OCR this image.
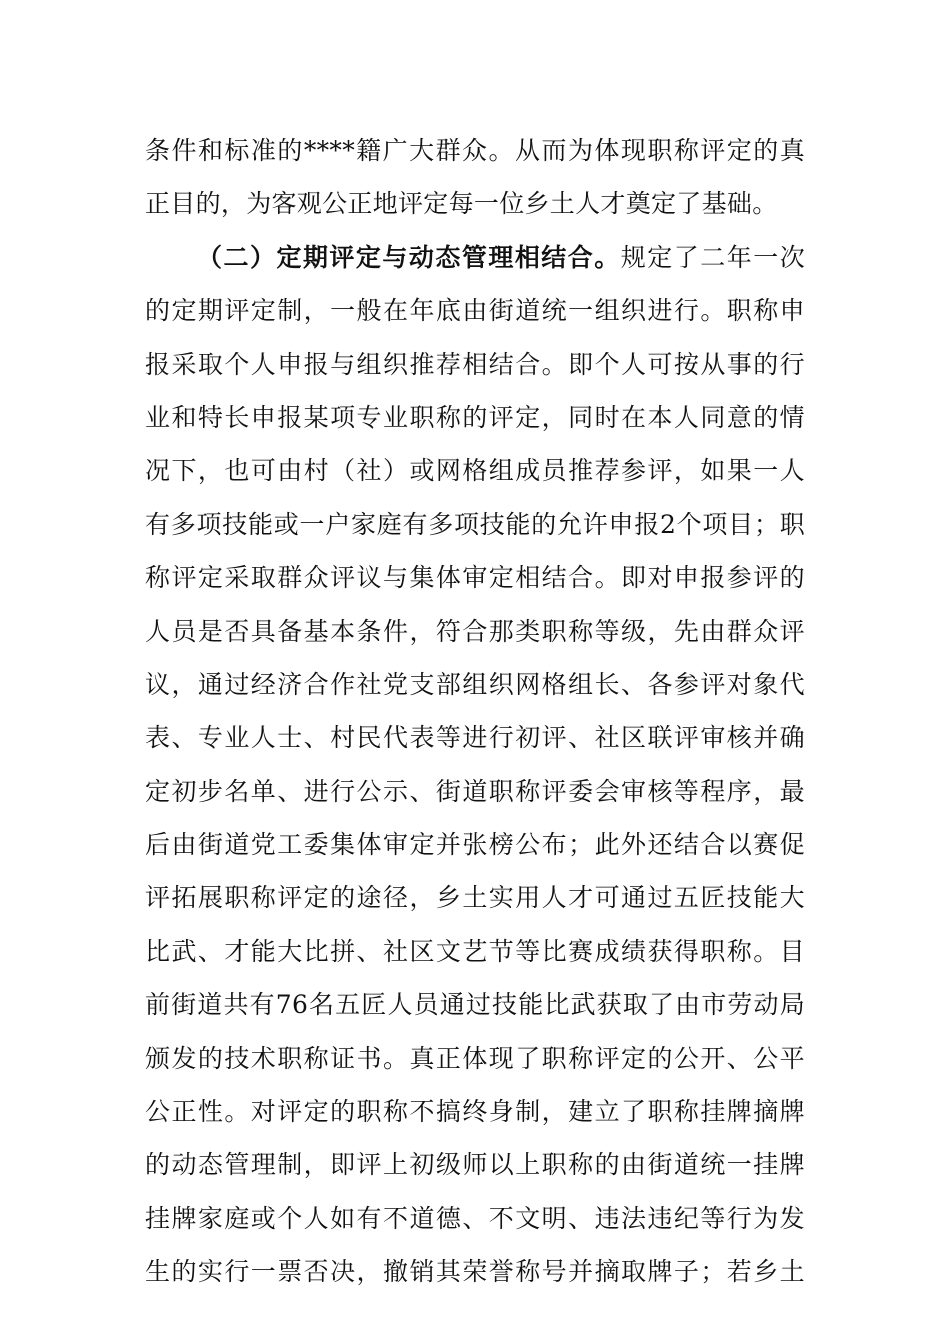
条件和标准的****籍广大群众。从而为体现职称评定的真
正目的，为客观公正地评定每一位乡土人才奠定了基础。
（二）定期评定与动态管理相结合。规定了二年一次
的定期评定制，一般在年底由街道统一组织进行。职称申
报采取个人申报与组织推荐相结合。即个人可按从事的行
业和特长申报某项专业职称的评定，同时在本人同意的情
况下，也可由村（社）或网格组成员推荐参评，如果一人
有多项技能或一户家庭有多项技能的允许申报2个项目；职
称评定采取群众评议与集体审定相结合。即对申报参评的
人员是否具备基本条件，符合那类职称等级，先由群众评
议，通过经济合作社党支部组织网格组长、各参评对象代
表、专业人士、村民代表等进行初评、社区联评审核并确
定初步名单、进行公示、街道职称评委会审核等程序，最
后由街道党工委集体审定并张榜公布；此外还结合以赛促
评拓展职称评定的途径，乡土实用人才可通过五匠技能大
比武、才能大比拼、社区文艺节等比赛成绩获得职称。目
前街道共有76名五匠人员通过技能比武获取了由市劳动局
颁发的技术职称证书。真正体现了职称评定的公开、公平
公正性。对评定的职称不搞终身制，建立了职称挂牌摘牌
的动态管理制，即评上初级师以上职称的由街道统一挂牌
挂牌家庭或个人如有不道德、不文明、违法违纪等行为发
生的实行一票否决，撤销其荣誉称号并摘取牌子；若乡土
